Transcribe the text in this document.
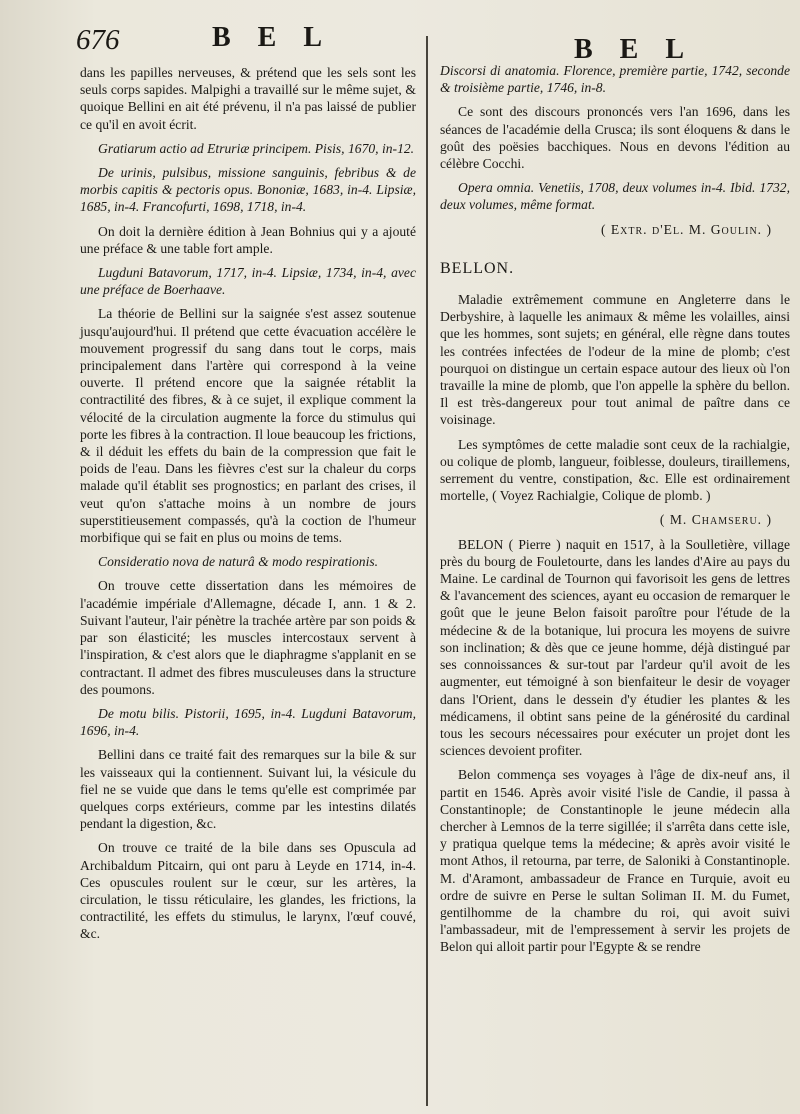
676	B E L	B E L

dans les papilles nerveuses, & prétend que les sels sont les seuls corps sapides. Malpighi a travaillé sur le même sujet, & quoique Bellini en ait été prévenu, il n'a pas laissé de publier ce qu'il en avoit écrit.

Gratiarum actio ad Etruriæ principem. Pisis, 1670, in-12.

De urinis, pulsibus, missione sanguinis, febribus & de morbis capitis & pectoris opus. Bononiæ, 1683, in-4. Lipsiæ, 1685, in-4. Francofurti, 1698, 1718, in-4.

On doit la dernière édition à Jean Bohnius qui y a ajouté une préface & une table fort ample.

Lugduni Batavorum, 1717, in-4. Lipsiæ, 1734, in-4, avec une préface de Boerhaave.

La théorie de Bellini sur la saignée s'est assez soutenue jusqu'aujourd'hui. Il prétend que cette évacuation accélère le mouvement progressif du sang dans tout le corps, mais principalement dans l'artère qui correspond à la veine ouverte. Il prétend encore que la saignée rétablit la contractilité des fibres, & à ce sujet, il explique comment la vélocité de la circulation augmente la force du stimulus qui porte les fibres à la contraction. Il loue beaucoup les frictions, & il déduit les effets du bain de la compression que fait le poids de l'eau. Dans les fièvres c'est sur la chaleur du corps malade qu'il établit ses prognostics; en parlant des crises, il veut qu'on s'attache moins à un nombre de jours superstitieusement compassés, qu'à la coction de l'humeur morbifique qui se fait en plus ou moins de tems.

Consideratio nova de naturâ & modo respirationis.

On trouve cette dissertation dans les mémoires de l'académie impériale d'Allemagne, décade I, ann. 1 & 2. Suivant l'auteur, l'air pénètre la trachée artère par son poids & par son élasticité; les muscles intercostaux servent à l'inspiration, & c'est alors que le diaphragme s'applanit en se contractant. Il admet des fibres musculeuses dans la structure des poumons.

De motu bilis. Pistorii, 1695, in-4. Lugduni Batavorum, 1696, in-4.

Bellini dans ce traité fait des remarques sur la bile & sur les vaisseaux qui la contiennent. Suivant lui, la vésicule du fiel ne se vuide que dans le tems qu'elle est comprimée par quelques corps extérieurs, comme par les intestins dilatés pendant la digestion, &c.

On trouve ce traité de la bile dans ses Opuscula ad Archibaldum Pitcairn, qui ont paru à Leyde en 1714, in-4. Ces opuscules roulent sur le cœur, sur les artères, la circulation, le tissu réticulaire, les glandes, les frictions, la contractilité, les effets du stimulus, le larynx, l'œuf couvé, &c.

Discorsi di anatomia. Florence, première partie, 1742, seconde & troisième partie, 1746, in-8.

Ce sont des discours prononcés vers l'an 1696, dans les séances de l'académie della Crusca; ils sont éloquens & dans le goût des poësies bacchiques. Nous en devons l'édition au célèbre Cocchi.

Opera omnia. Venetiis, 1708, deux volumes in-4. Ibid. 1732, deux volumes, même format.

( Extr. d'El. M. Goulin. )

BELLON.

Maladie extrêmement commune en Angleterre dans le Derbyshire, à laquelle les animaux & même les volailles, ainsi que les hommes, sont sujets; en général, elle règne dans toutes les contrées infectées de l'odeur de la mine de plomb; c'est pourquoi on distingue un certain espace autour des lieux où l'on travaille la mine de plomb, que l'on appelle la sphère du bellon. Il est très-dangereux pour tout animal de paître dans ce voisinage.

Les symptômes de cette maladie sont ceux de la rachialgie, ou colique de plomb, langueur, foiblesse, douleurs, tiraillemens, serrement du ventre, constipation, &c. Elle est ordinairement mortelle, ( Voyez Rachialgie, Colique de plomb. )

( M. Chamseru. )

BELON ( Pierre ) naquit en 1517, à la Soulletière, village près du bourg de Fouletourte, dans les landes d'Aire au pays du Maine. Le cardinal de Tournon qui favorisoit les gens de lettres & l'avancement des sciences, ayant eu occasion de remarquer le goût que le jeune Belon faisoit paroître pour l'étude de la médecine & de la botanique, lui procura les moyens de suivre son inclination; & dès que ce jeune homme, déjà distingué par ses connoissances & sur-tout par l'ardeur qu'il avoit de les augmenter, eut témoigné à son bienfaiteur le desir de voyager dans l'Orient, dans le dessein d'y étudier les plantes & les médicamens, il obtint sans peine de la générosité du cardinal tous les secours nécessaires pour exécuter un projet dont les sciences devoient profiter.

Belon commença ses voyages à l'âge de dix-neuf ans, il partit en 1546. Après avoir visité l'isle de Candie, il passa à Constantinople; de Constantinople le jeune médecin alla chercher à Lemnos de la terre sigillée; il s'arrêta dans cette isle, y pratiqua quelque tems la médecine; & après avoir visité le mont Athos, il retourna, par terre, de Saloniki à Constantinople. M. d'Aramont, ambassadeur de France en Turquie, avoit eu ordre de suivre en Perse le sultan Soliman II. M. du Fumet, gentilhomme de la chambre du roi, qui avoit suivi l'ambassadeur, mit de l'empressement à servir les projets de Belon qui alloit partir pour l'Egypte & se rendre
